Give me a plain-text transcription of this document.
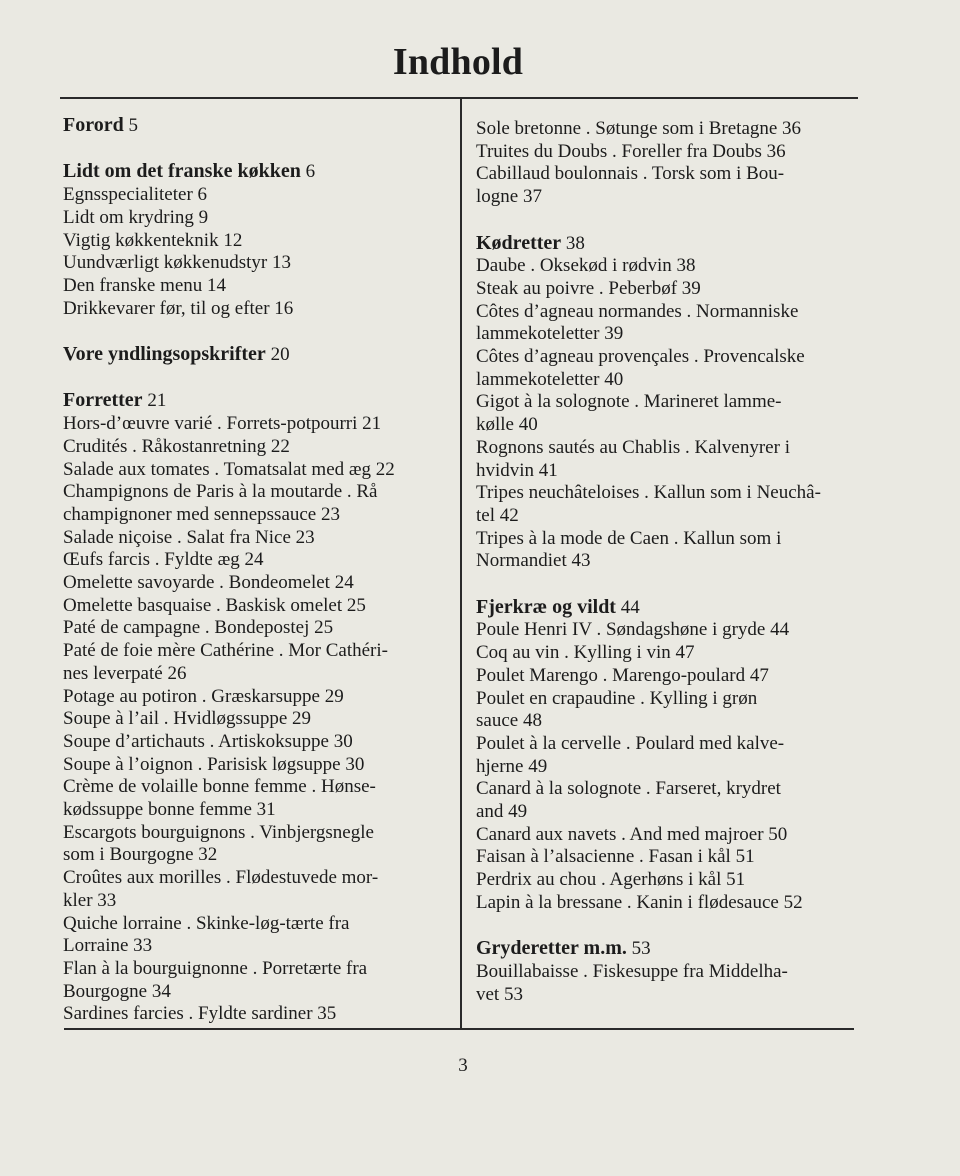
Indhold
Forord 5
Lidt om det franske køkken 6
Egnsspecialiteter 6
Lidt om krydring 9
Vigtig køkkenteknik 12
Uundværligt køkkenudstyr 13
Den franske menu 14
Drikkevarer før, til og efter 16
Vore yndlingsopskrifter 20
Forretter 21
Hors-d’œuvre varié . Forrets-potpourri 21
Crudités . Råkostanretning 22
Salade aux tomates . Tomatsalat med æg 22
Champignons de Paris à la moutarde . Rå
champignoner med sennepssauce 23
Salade niçoise . Salat fra Nice 23
Œufs farcis . Fyldte æg 24
Omelette savoyarde . Bondeomelet 24
Omelette basquaise . Baskisk omelet 25
Paté de campagne . Bondepostej 25
Paté de foie mère Cathérine . Mor Cathéri-
nes leverpaté 26
Potage au potiron . Græskarsuppe 29
Soupe à l’ail . Hvidløgssuppe 29
Soupe d’artichauts . Artiskoksuppe 30
Soupe à l’oignon . Parisisk løgsuppe 30
Crème de volaille bonne femme . Hønse-
kødssuppe bonne femme 31
Escargots bourguignons . Vinbjergsnegle
som i Bourgogne 32
Croûtes aux morilles . Flødestuvede mor-
kler 33
Quiche lorraine . Skinke-løg-tærte fra
Lorraine 33
Flan à la bourguignonne . Porretærte fra
Bourgogne 34
Sardines farcies . Fyldte sardiner 35
Sole bretonne . Søtunge som i Bretagne 36
Truites du Doubs . Foreller fra Doubs 36
Cabillaud boulonnais . Torsk som i Bou-
logne 37
Kødretter 38
Daube . Oksekød i rødvin 38
Steak au poivre . Peberbøf 39
Côtes d’agneau normandes . Normanniske
lammekoteletter 39
Côtes d’agneau provençales . Provencalske
lammekoteletter 40
Gigot à la solognote . Marineret lamme-
kølle 40
Rognons sautés au Chablis . Kalvenyrer i
hvidvin 41
Tripes neuchâteloises . Kallun som i Neuchâ-
tel 42
Tripes à la mode de Caen . Kallun som i
Normandiet 43
Fjerkræ og vildt 44
Poule Henri IV . Søndagshøne i gryde 44
Coq au vin . Kylling i vin 47
Poulet Marengo . Marengo-poulard 47
Poulet en crapaudine . Kylling i grøn
sauce 48
Poulet à la cervelle . Poulard med kalve-
hjerne 49
Canard à la solognote . Farseret, krydret
and 49
Canard aux navets . And med majroer 50
Faisan à l’alsacienne . Fasan i kål 51
Perdrix au chou . Agerhøns i kål 51
Lapin à la bressane . Kanin i flødesauce 52
Gryderetter m.m. 53
Bouillabaisse . Fiskesuppe fra Middelha-
vet 53
3
